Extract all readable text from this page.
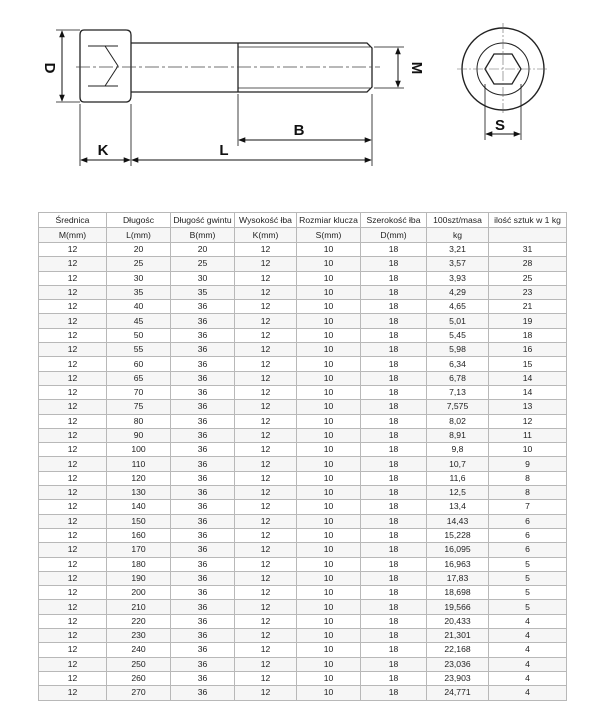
D	M
K	L
B	S
Średnica	Długośc	Długość gwintu	Wysokość łba	Rozmiar klucza	Szerokość łba	100szt/masa	ilość sztuk w 1 kg
M(mm)	L(mm)	B(mm)	K(mm)	S(mm)	D(mm)	kg	
12	20	20	12	10	18	3,21	31
12	25	25	12	10	18	3,57	28
12	30	30	12	10	18	3,93	25
12	35	35	12	10	18	4,29	23
12	40	36	12	10	18	4,65	21
12	45	36	12	10	18	5,01	19
12	50	36	12	10	18	5,45	18
12	55	36	12	10	18	5,98	16
12	60	36	12	10	18	6,34	15
12	65	36	12	10	18	6,78	14
12	70	36	12	10	18	7,13	14
12	75	36	12	10	18	7,575	13
12	80	36	12	10	18	8,02	12
12	90	36	12	10	18	8,91	11
12	100	36	12	10	18	9,8	10
12	110	36	12	10	18	10,7	9
12	120	36	12	10	18	11,6	8
12	130	36	12	10	18	12,5	8
12	140	36	12	10	18	13,4	7
12	150	36	12	10	18	14,43	6
12	160	36	12	10	18	15,228	6
12	170	36	12	10	18	16,095	6
12	180	36	12	10	18	16,963	5
12	190	36	12	10	18	17,83	5
12	200	36	12	10	18	18,698	5
12	210	36	12	10	18	19,566	5
12	220	36	12	10	18	20,433	4
12	230	36	12	10	18	21,301	4
12	240	36	12	10	18	22,168	4
12	250	36	12	10	18	23,036	4
12	260	36	12	10	18	23,903	4
12	270	36	12	10	18	24,771	4
